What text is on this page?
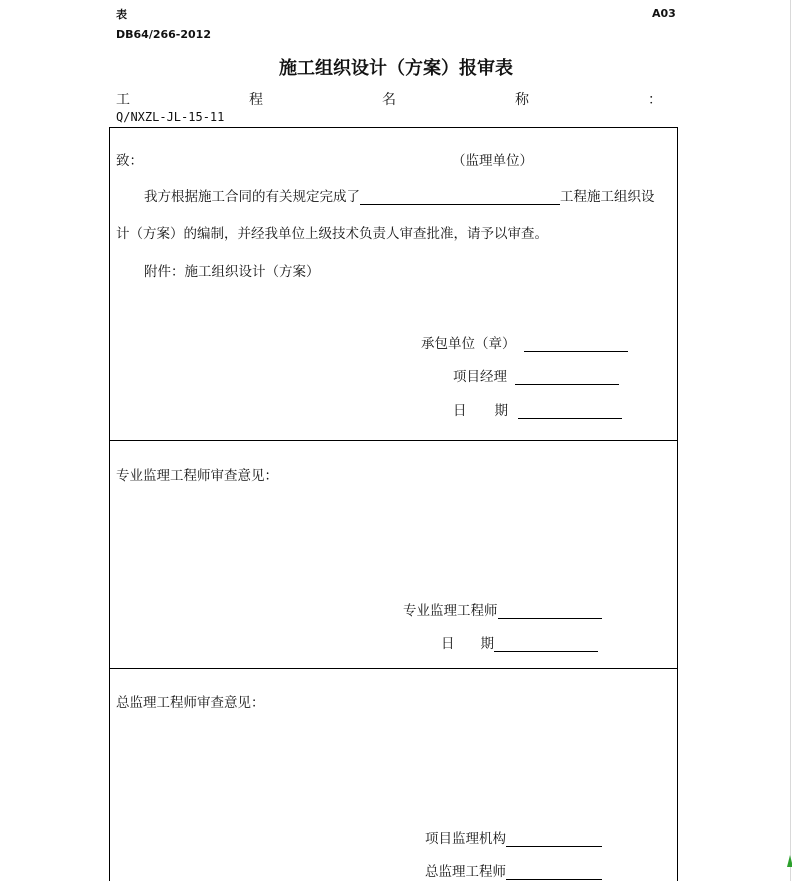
表	A03
DB64/266-2012
施工组织设计（方案）报审表
工	程	名	称	：
Q/NXZL-JL-15-11
致：	（监理单位）
我方根据施工合同的有关规定完成了	工程施工组织设
计（方案）的编制，并经我单位上级技术负责人审查批准，请予以审查。
附件：施工组织设计（方案）
承包单位（章）
项目经理
日 期
专业监理工程师审查意见：
专业监理工程师
日 期
总监理工程师审查意见：
项目监理机构
总监理工程师
